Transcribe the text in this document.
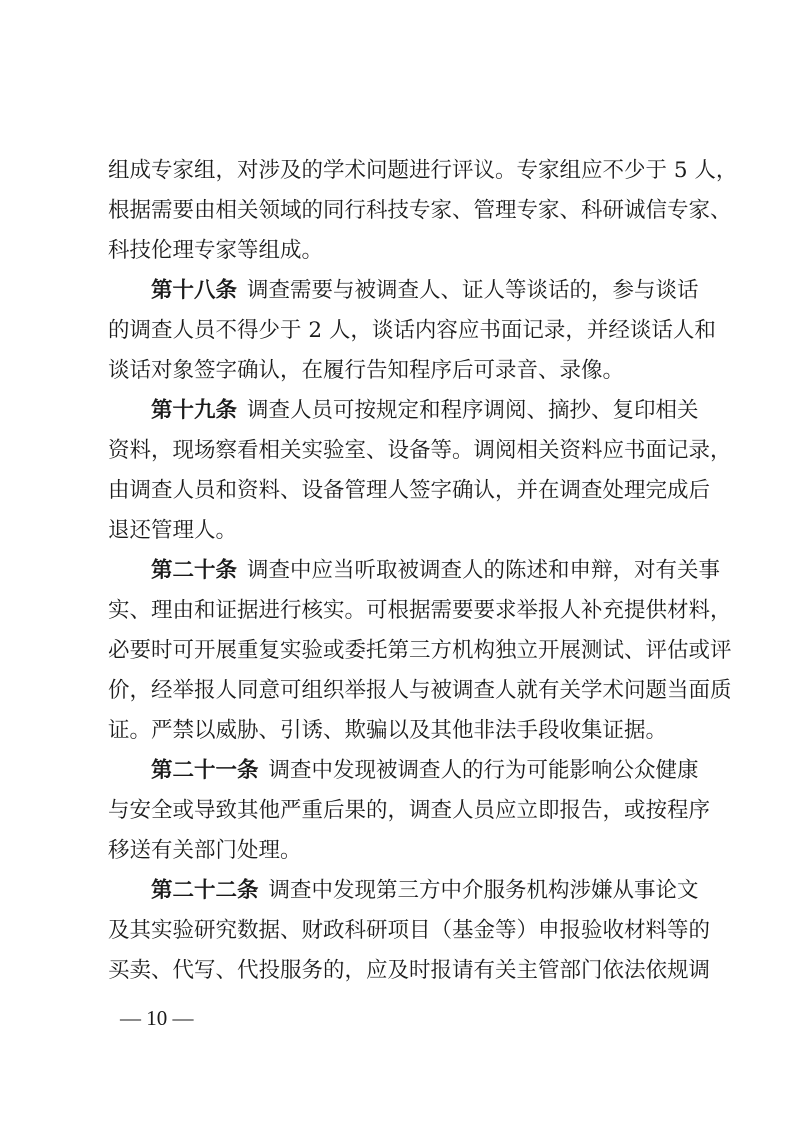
组成专家组，对涉及的学术问题进行评议。专家组应不少于 5 人，
根据需要由相关领域的同行科技专家、管理专家、科研诚信专家、
科技伦理专家等组成。
第十八条 调查需要与被调查人、证人等谈话的，参与谈话
的调查人员不得少于 2 人，谈话内容应书面记录，并经谈话人和
谈话对象签字确认，在履行告知程序后可录音、录像。
第十九条 调查人员可按规定和程序调阅、摘抄、复印相关
资料，现场察看相关实验室、设备等。调阅相关资料应书面记录，
由调查人员和资料、设备管理人签字确认，并在调查处理完成后
退还管理人。
第二十条 调查中应当听取被调查人的陈述和申辩，对有关事
实、理由和证据进行核实。可根据需要要求举报人补充提供材料，
必要时可开展重复实验或委托第三方机构独立开展测试、评估或评
价，经举报人同意可组织举报人与被调查人就有关学术问题当面质
证。严禁以威胁、引诱、欺骗以及其他非法手段收集证据。
第二十一条 调查中发现被调查人的行为可能影响公众健康
与安全或导致其他严重后果的，调查人员应立即报告，或按程序
移送有关部门处理。
第二十二条 调查中发现第三方中介服务机构涉嫌从事论文
及其实验研究数据、财政科研项目（基金等）申报验收材料等的
买卖、代写、代投服务的，应及时报请有关主管部门依法依规调
— 10 —
